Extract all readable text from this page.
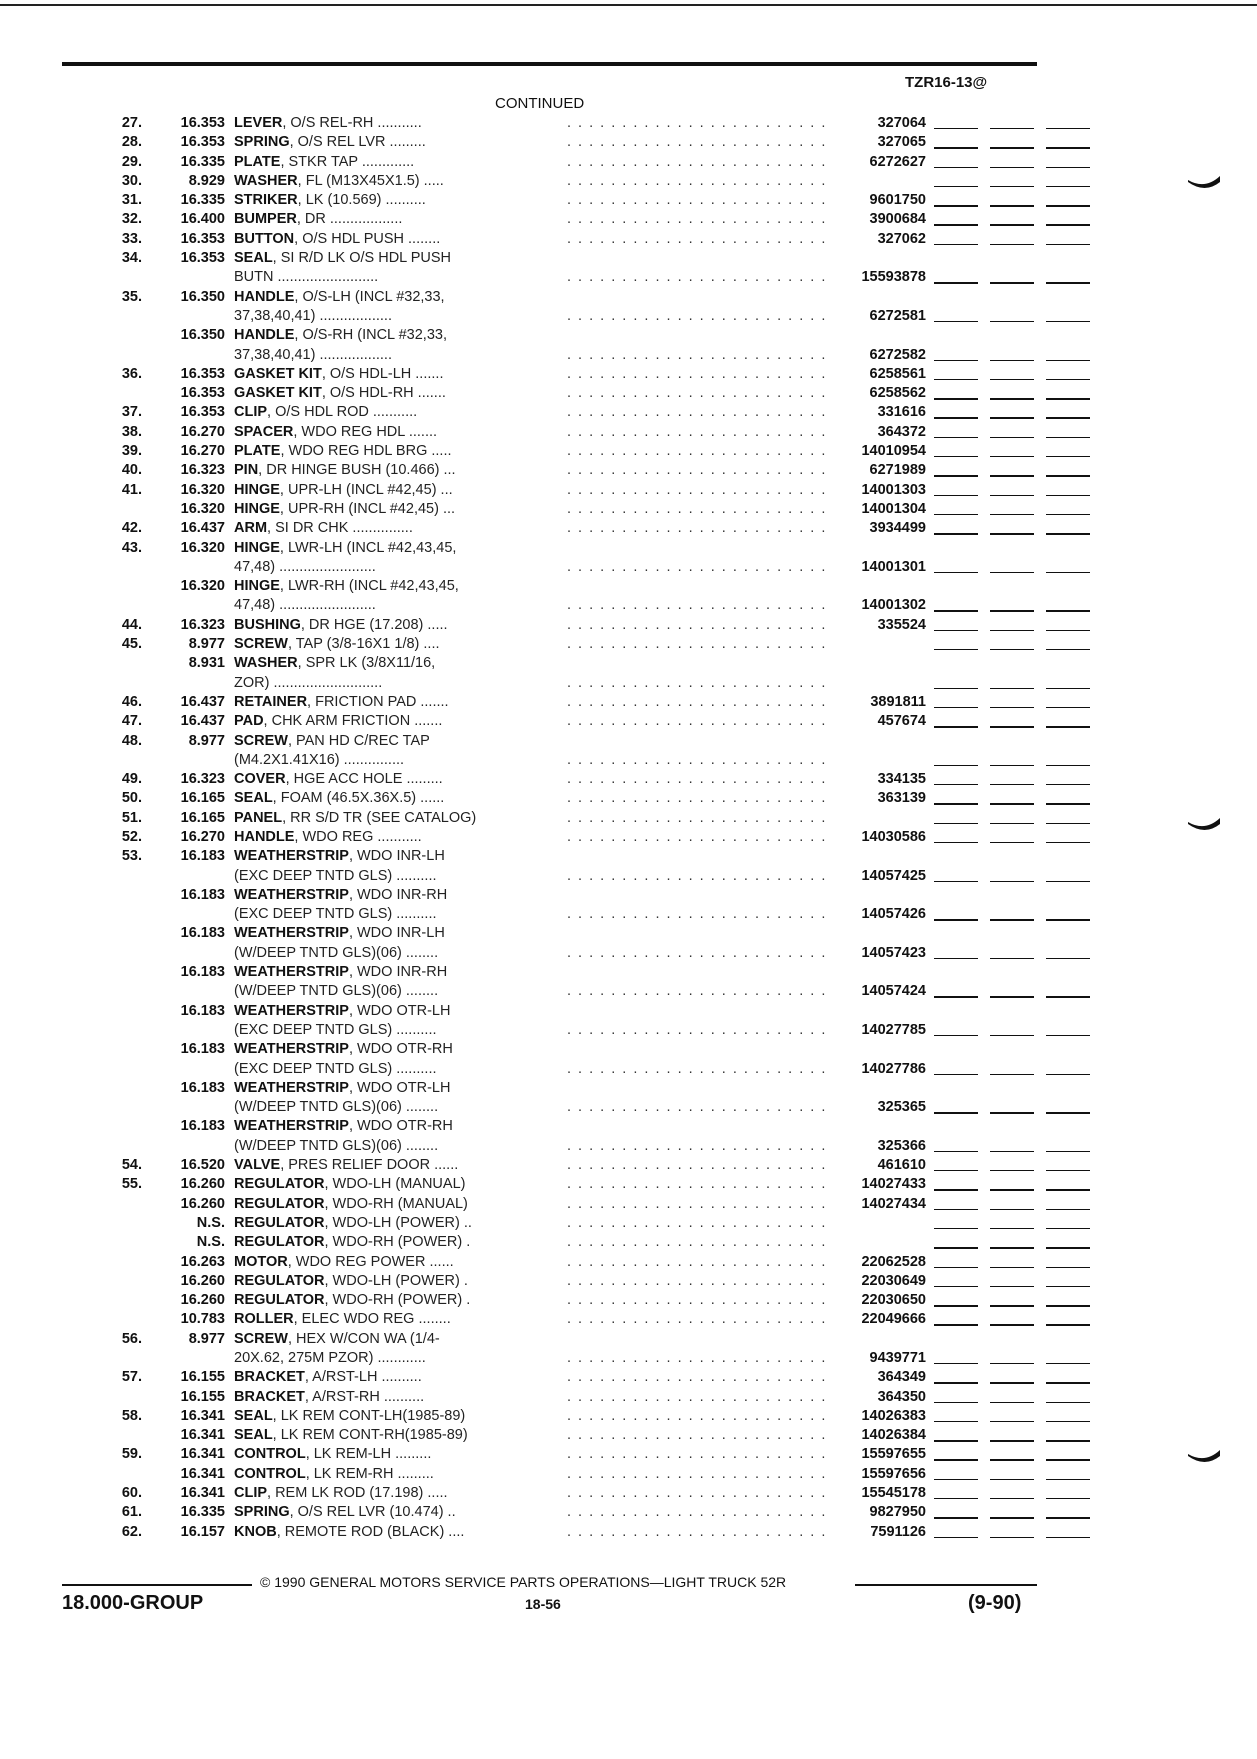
TZR16-13@
CONTINUED
27.	16.353 LEVER, O/S REL-RH ...........	. . . . . . . . . . . . . . . . . . . . . . . .	327064
28.	16.353 SPRING, O/S REL LVR .........	. . . . . . . . . . . . . . . . . . . . . . . .	327065
29.	16.335 PLATE, STKR TAP .............	. . . . . . . . . . . . . . . . . . . . . . . .	6272627
30.	8.929 WASHER, FL (M13X45X1.5) .....	. . . . . . . . . . . . . . . . . . . . . . . .
31.	16.335 STRIKER, LK (10.569) ..........	. . . . . . . . . . . . . . . . . . . . . . . .	9601750
32.	16.400 BUMPER, DR ..................	. . . . . . . . . . . . . . . . . . . . . . . .	3900684
33.	16.353 BUTTON, O/S HDL PUSH ........	. . . . . . . . . . . . . . . . . . . . . . . .	327062
34.	16.353 SEAL, SI R/D LK O/S HDL PUSH
BUTN .........................	. . . . . . . . . . . . . . . . . . . . . . . .	15593878
35.	16.350 HANDLE, O/S-LH (INCL #32,33,
37,38,40,41) ..................	. . . . . . . . . . . . . . . . . . . . . . . .	6272581
16.350 HANDLE, O/S-RH (INCL #32,33,
37,38,40,41) ..................	. . . . . . . . . . . . . . . . . . . . . . . .	6272582
36.	16.353 GASKET KIT, O/S HDL-LH .......	. . . . . . . . . . . . . . . . . . . . . . . .	6258561
16.353 GASKET KIT, O/S HDL-RH .......	. . . . . . . . . . . . . . . . . . . . . . . .	6258562
37.	16.353 CLIP, O/S HDL ROD ...........	. . . . . . . . . . . . . . . . . . . . . . . .	331616
38.	16.270 SPACER, WDO REG HDL .......	. . . . . . . . . . . . . . . . . . . . . . . .	364372
39.	16.270 PLATE, WDO REG HDL BRG .....	. . . . . . . . . . . . . . . . . . . . . . . .	14010954
40.	16.323 PIN, DR HINGE BUSH (10.466) ...	. . . . . . . . . . . . . . . . . . . . . . . .	6271989
41.	16.320 HINGE, UPR-LH (INCL #42,45) ...	. . . . . . . . . . . . . . . . . . . . . . . .	14001303
16.320 HINGE, UPR-RH (INCL #42,45) ...	. . . . . . . . . . . . . . . . . . . . . . . .	14001304
42.	16.437 ARM, SI DR CHK ...............	. . . . . . . . . . . . . . . . . . . . . . . .	3934499
43.	16.320 HINGE, LWR-LH (INCL #42,43,45,
47,48) ........................	. . . . . . . . . . . . . . . . . . . . . . . .	14001301
16.320 HINGE, LWR-RH (INCL #42,43,45,
47,48) ........................	. . . . . . . . . . . . . . . . . . . . . . . .	14001302
44.	16.323 BUSHING, DR HGE (17.208) .....	. . . . . . . . . . . . . . . . . . . . . . . .	335524
45.	8.977 SCREW, TAP (3/8-16X1 1/8) ....	. . . . . . . . . . . . . . . . . . . . . . . .
8.931 WASHER, SPR LK (3/8X11/16,
ZOR) ...........................	. . . . . . . . . . . . . . . . . . . . . . . .
46.	16.437 RETAINER, FRICTION PAD .......	. . . . . . . . . . . . . . . . . . . . . . . .	3891811
47.	16.437 PAD, CHK ARM FRICTION .......	. . . . . . . . . . . . . . . . . . . . . . . .	457674
48.	8.977 SCREW, PAN HD C/REC TAP
(M4.2X1.41X16) ...............	. . . . . . . . . . . . . . . . . . . . . . . .
49.	16.323 COVER, HGE ACC HOLE .........	. . . . . . . . . . . . . . . . . . . . . . . .	334135
50.	16.165 SEAL, FOAM (46.5X.36X.5) ......	. . . . . . . . . . . . . . . . . . . . . . . .	363139
51.	16.165 PANEL, RR S/D TR (SEE CATALOG)	. . . . . . . . . . . . . . . . . . . . . . . .
52.	16.270 HANDLE, WDO REG ...........	. . . . . . . . . . . . . . . . . . . . . . . .	14030586
53.	16.183 WEATHERSTRIP, WDO INR-LH
(EXC DEEP TNTD GLS) ..........	. . . . . . . . . . . . . . . . . . . . . . . .	14057425
16.183 WEATHERSTRIP, WDO INR-RH
(EXC DEEP TNTD GLS) ..........	. . . . . . . . . . . . . . . . . . . . . . . .	14057426
16.183 WEATHERSTRIP, WDO INR-LH
(W/DEEP TNTD GLS)(06) ........	. . . . . . . . . . . . . . . . . . . . . . . .	14057423
16.183 WEATHERSTRIP, WDO INR-RH
(W/DEEP TNTD GLS)(06) ........	. . . . . . . . . . . . . . . . . . . . . . . .	14057424
16.183 WEATHERSTRIP, WDO OTR-LH
(EXC DEEP TNTD GLS) ..........	. . . . . . . . . . . . . . . . . . . . . . . .	14027785
16.183 WEATHERSTRIP, WDO OTR-RH
(EXC DEEP TNTD GLS) ..........	. . . . . . . . . . . . . . . . . . . . . . . .	14027786
16.183 WEATHERSTRIP, WDO OTR-LH
(W/DEEP TNTD GLS)(06) ........	. . . . . . . . . . . . . . . . . . . . . . . .	325365
16.183 WEATHERSTRIP, WDO OTR-RH
(W/DEEP TNTD GLS)(06) ........	. . . . . . . . . . . . . . . . . . . . . . . .	325366
54.	16.520 VALVE, PRES RELIEF DOOR ......	. . . . . . . . . . . . . . . . . . . . . . . .	461610
55.	16.260 REGULATOR, WDO-LH (MANUAL)	. . . . . . . . . . . . . . . . . . . . . . . .	14027433
16.260 REGULATOR, WDO-RH (MANUAL)	. . . . . . . . . . . . . . . . . . . . . . . .	14027434
N.S. REGULATOR, WDO-LH (POWER) ..	. . . . . . . . . . . . . . . . . . . . . . . .
N.S. REGULATOR, WDO-RH (POWER) .	. . . . . . . . . . . . . . . . . . . . . . . .
16.263 MOTOR, WDO REG POWER ......	. . . . . . . . . . . . . . . . . . . . . . . .	22062528
16.260 REGULATOR, WDO-LH (POWER) .	. . . . . . . . . . . . . . . . . . . . . . . .	22030649
16.260 REGULATOR, WDO-RH (POWER) .	. . . . . . . . . . . . . . . . . . . . . . . .	22030650
10.783 ROLLER, ELEC WDO REG ........	. . . . . . . . . . . . . . . . . . . . . . . .	22049666
56.	8.977 SCREW, HEX W/CON WA (1/4-
20X.62, 275M PZOR) ............	. . . . . . . . . . . . . . . . . . . . . . . .	9439771
57.	16.155 BRACKET, A/RST-LH ..........	. . . . . . . . . . . . . . . . . . . . . . . .	364349
16.155 BRACKET, A/RST-RH ..........	. . . . . . . . . . . . . . . . . . . . . . . .	364350
58.	16.341 SEAL, LK REM CONT-LH(1985-89)	. . . . . . . . . . . . . . . . . . . . . . . .	14026383
16.341 SEAL, LK REM CONT-RH(1985-89)	. . . . . . . . . . . . . . . . . . . . . . . .	14026384
59.	16.341 CONTROL, LK REM-LH .........	. . . . . . . . . . . . . . . . . . . . . . . .	15597655
16.341 CONTROL, LK REM-RH .........	. . . . . . . . . . . . . . . . . . . . . . . .	15597656
60.	16.341 CLIP, REM LK ROD (17.198) .....	. . . . . . . . . . . . . . . . . . . . . . . .	15545178
61.	16.335 SPRING, O/S REL LVR (10.474) ..	. . . . . . . . . . . . . . . . . . . . . . . .	9827950
62.	16.157 KNOB, REMOTE ROD (BLACK) ....	. . . . . . . . . . . . . . . . . . . . . . . .	7591126
© 1990 GENERAL MOTORS SERVICE PARTS OPERATIONS—LIGHT TRUCK 52R
18.000-GROUP	18-56	(9-90)
